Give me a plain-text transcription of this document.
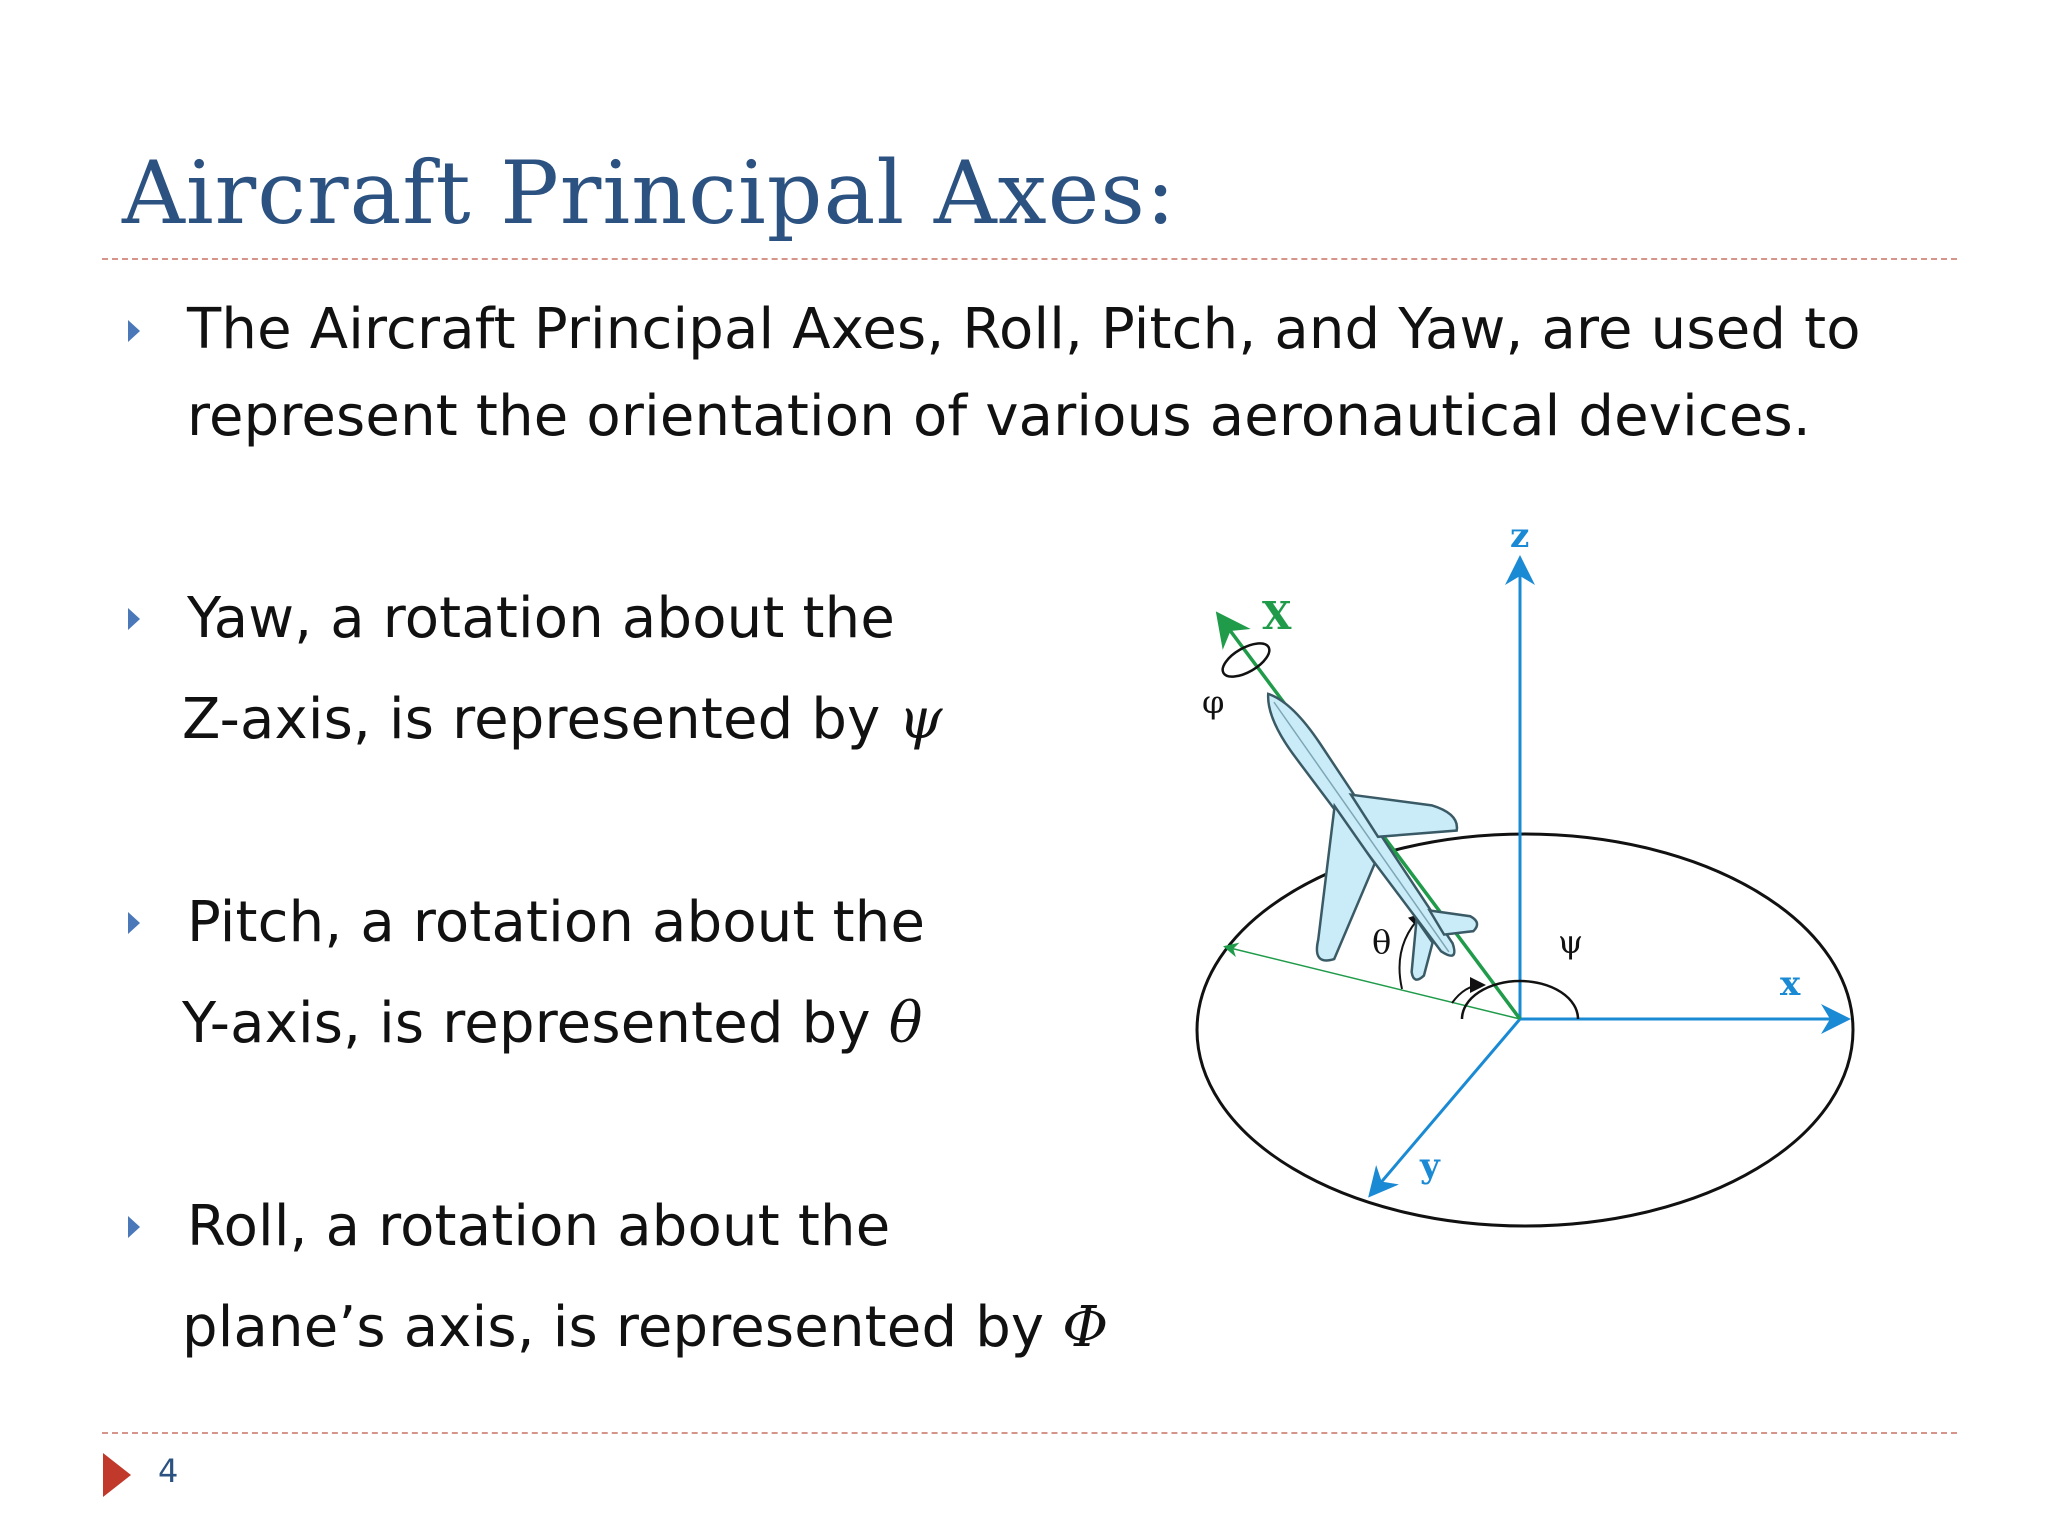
Aircraft Principal Axes:
The Aircraft Principal Axes, Roll, Pitch, and Yaw, are used to
represent the orientation of various aeronautical devices.
Yaw, a rotation about the
Z-axis, is represented by ψ
Pitch, a rotation about the
Y-axis, is represented by θ
Roll, a rotation about the
plane’s axis, is represented by Φ
z
x
y
X
φ
θ	ψ
4
